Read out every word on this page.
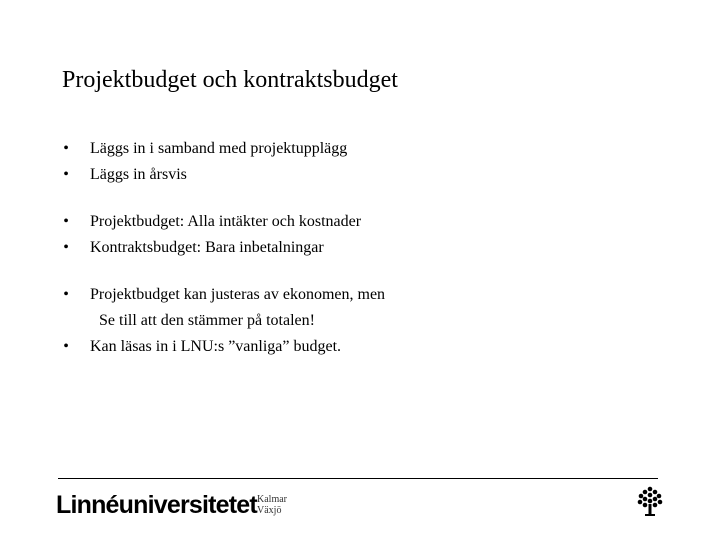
Projektbudget och kontraktsbudget
• Läggs in i samband med projektupplägg
• Läggs in årsvis
• Projektbudget: Alla intäkter och kostnader
• Kontraktsbudget: Bara inbetalningar
• Projektbudget kan justeras av ekonomen, men
Se till att den stämmer på totalen!
• Kan läsas in i LNU:s ”vanliga” budget.
Linnéuniversitetet Kalmar
Växjö
